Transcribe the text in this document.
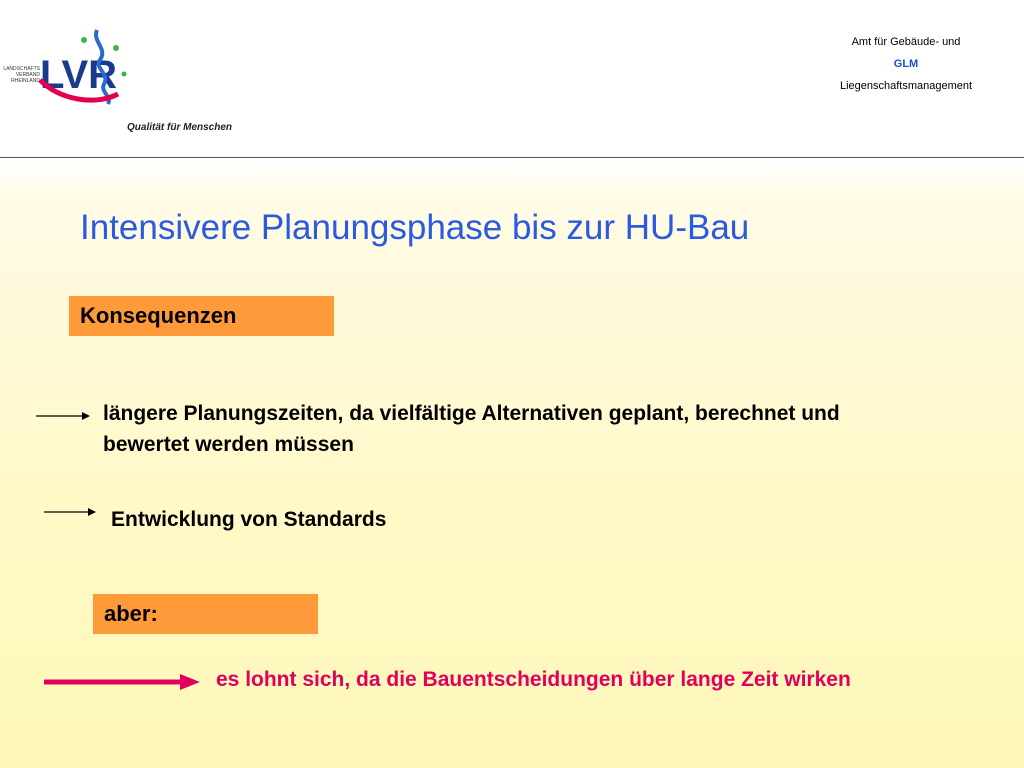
LANDSCHAFTS
VERBAND
RHEINLAND LVR
Qualität für Menschen
Amt für Gebäude- und
GLM
Liegenschaftsmanagement
Intensivere Planungsphase bis zur HU-Bau
Konsequenzen
längere Planungszeiten, da vielfältige Alternativen geplant, berechnet und bewertet werden müssen
Entwicklung von Standards
aber:
es lohnt sich, da die Bauentscheidungen über lange Zeit wirken
